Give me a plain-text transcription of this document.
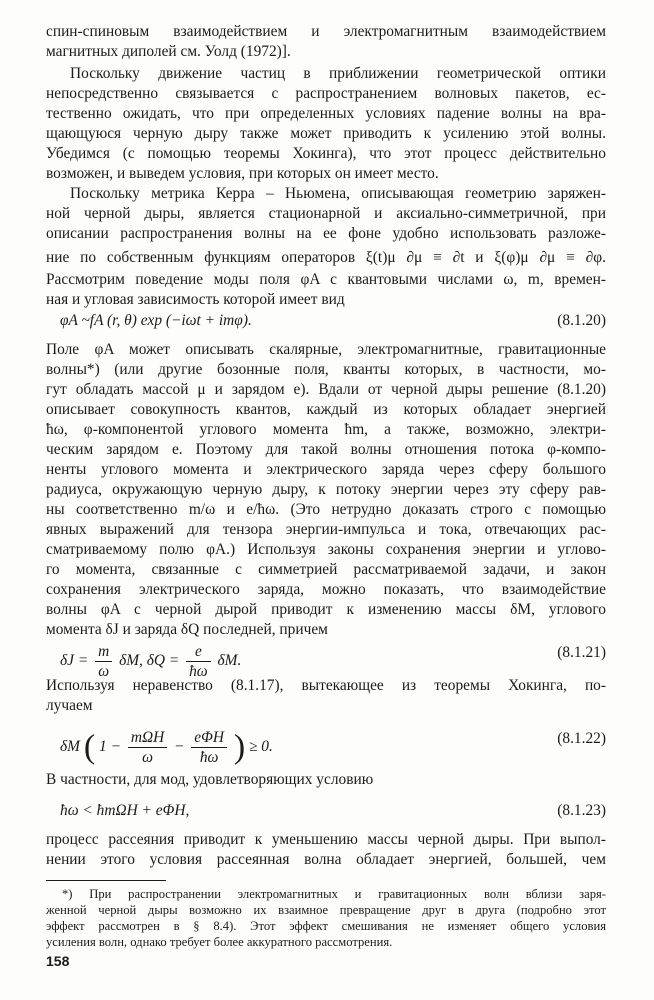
спин-спиновым взаимодействием и электромагнитным взаимодействием
магнитных диполей см. Уолд (1972)].
Поскольку движение частиц в приближении геометрической оптики
непосредственно связывается с распространением волновых пакетов, ес-
тественно ожидать, что при определенных условиях падение волны на вра-
щающуюся черную дыру также может приводить к усилению этой волны.
Убедимся (с помощью теоремы Хокинга), что этот процесс действительно
возможен, и выведем условия, при которых он имеет место.
Поскольку метрика Керра – Ньюмена, описывающая геометрию заряжен-
ной черной дыры, является стационарной и аксиально-симметричной, при
описании распространения волны на ее фоне удобно использовать разложе-
ние по собственным функциям операторов ξ(t)μ ∂μ ≡ ∂t и ξ(φ)μ ∂μ ≡ ∂φ.
Рассмотрим поведение моды поля φA с квантовыми числами ω, m, времен-
ная и угловая зависимость которой имеет вид
φA ~fA (r, θ) exp (−iωt + imφ).	(8.1.20)
Поле φA может описывать скалярные, электромагнитные, гравитационные
волны*) (или другие бозонные поля, кванты которых, в частности, мо-
гут обладать массой μ и зарядом e). Вдали от черной дыры решение (8.1.20)
описывает совокупность квантов, каждый из которых обладает энергией
ħω, φ-компонентой углового момента ħm, а также, возможно, электри-
ческим зарядом e. Поэтому для такой волны отношения потока φ-компо-
ненты углового момента и электрического заряда через сферу большого
радиуса, окружающую черную дыру, к потоку энергии через эту сферу рав-
ны соответственно m/ω и e/ħω. (Это нетрудно доказать строго с помощью
явных выражений для тензора энергии-импульса и тока, отвечающих рас-
сматриваемому полю φA.) Используя законы сохранения энергии и углово-
го момента, связанные с симметрией рассматриваемой задачи, и закон
сохранения электрического заряда, можно показать, что взаимодействие
волны φA с черной дырой приводит к изменению массы δM, углового
момента δJ и заряда δQ последней, причем
$\delta J = \frac{m}{\omega} \delta M$, $\delta Q = \frac{e}{ħ\omega} \delta M$.	(8.1.21)
Используя неравенство (8.1.17), вытекающее из теоремы Хокинга, по-
лучаем
δM ( $1 - \frac{\text{mΩH}}{\omega} - \frac{\text{eΦH}}{ħ\omega}$ ) ≥ 0.	(8.1.22)
В частности, для мод, удовлетворяющих условию
ħω < ħmΩH + eΦH,	(8.1.23)
процесс рассеяния приводит к уменьшению массы черной дыры. При выпол-
нении этого условия рассеянная волна обладает энергией, большей, чем
*) При распространении электромагнитных и гравитационных волн вблизи заря-
женной черной дыры возможно их взаимное превращение друг в друга (подробно этот
эффект рассмотрен в § 8.4). Этот эффект смешивания не изменяет общего условия
усиления волн, однако требует более аккуратного рассмотрения.
158
